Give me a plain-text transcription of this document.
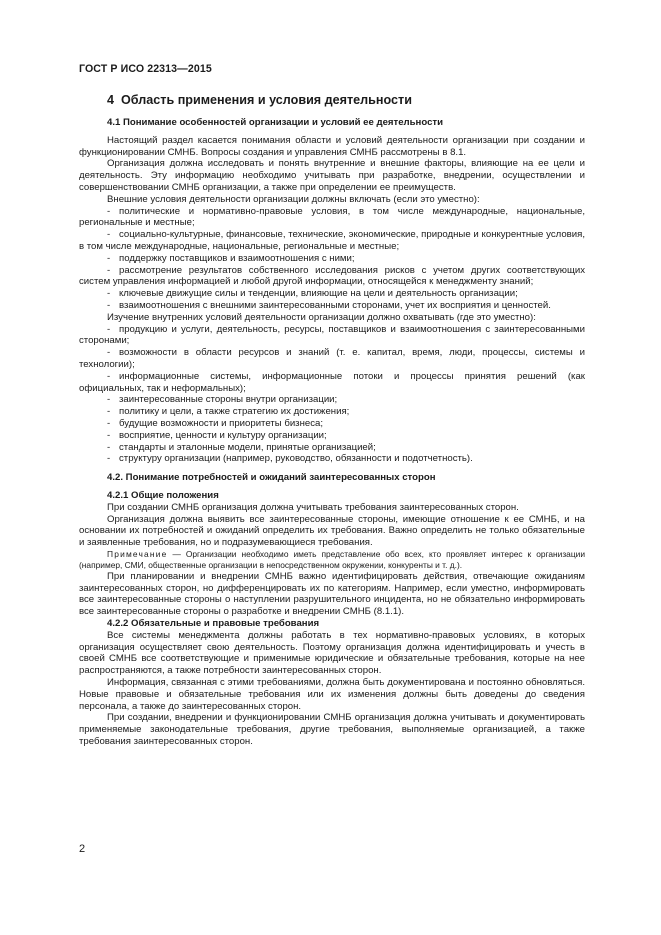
ГОСТ Р ИСО 22313—2015
4 Область применения и условия деятельности

4.1 Понимание особенностей организации и условий ее деятельности

Настоящий раздел касается понимания области и условий деятельности организации при создании и функционировании СМНБ. Вопросы создания и управления СМНБ рассмотрены в 8.1.

Организация должна исследовать и понять внутренние и внешние факторы, влияющие на ее цели и деятельность. Эту информацию необходимо учитывать при разработке, внедрении, осуществлении и совершенствовании СМНБ организации, а также при определении ее преимуществ.

Внешние условия деятельности организации должны включать (если это уместно):

- политические и нормативно-правовые условия, в том числе международные, национальные, региональные и местные;

- социально-культурные, финансовые, технические, экономические, природные и конкурентные условия, в том числе международные, национальные, региональные и местные;

- поддержку поставщиков и взаимоотношения с ними;

- рассмотрение результатов собственного исследования рисков с учетом других соответствующих систем управления информацией и любой другой информации, относящейся к менеджменту знаний;

- ключевые движущие силы и тенденции, влияющие на цели и деятельность организации;

- взаимоотношения с внешними заинтересованными сторонами, учет их восприятия и ценностей.

Изучение внутренних условий деятельности организации должно охватывать (где это уместно):

- продукцию и услуги, деятельность, ресурсы, поставщиков и взаимоотношения с заинтересованными сторонами;

- возможности в области ресурсов и знаний (т. е. капитал, время, люди, процессы, системы и технологии);

- информационные системы, информационные потоки и процессы принятия решений (как официальных, так и неформальных);

- заинтересованные стороны внутри организации;

- политику и цели, а также стратегию их достижения;

- будущие возможности и приоритеты бизнеса;

- восприятие, ценности и культуру организации;

- стандарты и эталонные модели, принятые организацией;

- структуру организации (например, руководство, обязанности и подотчетность).

4.2. Понимание потребностей и ожиданий заинтересованных сторон

4.2.1 Общие положения

При создании СМНБ организация должна учитывать требования заинтересованных сторон.

Организация должна выявить все заинтересованные стороны, имеющие отношение к ее СМНБ, и на основании их потребностей и ожиданий определить их требования. Важно определить не только обязательные и заявленные требования, но и подразумевающиеся требования.

Примечание — Организации необходимо иметь представление обо всех, кто проявляет интерес к организации (например, СМИ, общественные организации в непосредственном окружении, конкуренты и т. д.).

При планировании и внедрении СМНБ важно идентифицировать действия, отвечающие ожиданиям заинтересованных сторон, но дифференцировать их по категориям. Например, если уместно, информировать все заинтересованные стороны о наступлении разрушительного инцидента, но не обязательно информировать все заинтересованные стороны о разработке и внедрении СМНБ (8.1.1).

4.2.2 Обязательные и правовые требования

Все системы менеджмента должны работать в тех нормативно-правовых условиях, в которых организация осуществляет свою деятельность. Поэтому организация должна идентифицировать и учесть в своей СМНБ все соответствующие и применимые юридические и обязательные требования, которые на нее распространяются, а также потребности заинтересованных сторон.

Информация, связанная с этими требованиями, должна быть документирована и постоянно обновляться. Новые правовые и обязательные требования или их изменения должны быть доведены до сведения персонала, а также до заинтересованных сторон.

При создании, внедрении и функционировании СМНБ организация должна учитывать и документировать применяемые законодательные требования, другие требования, выполняемые организацией, а также требования заинтересованных сторон.

2
